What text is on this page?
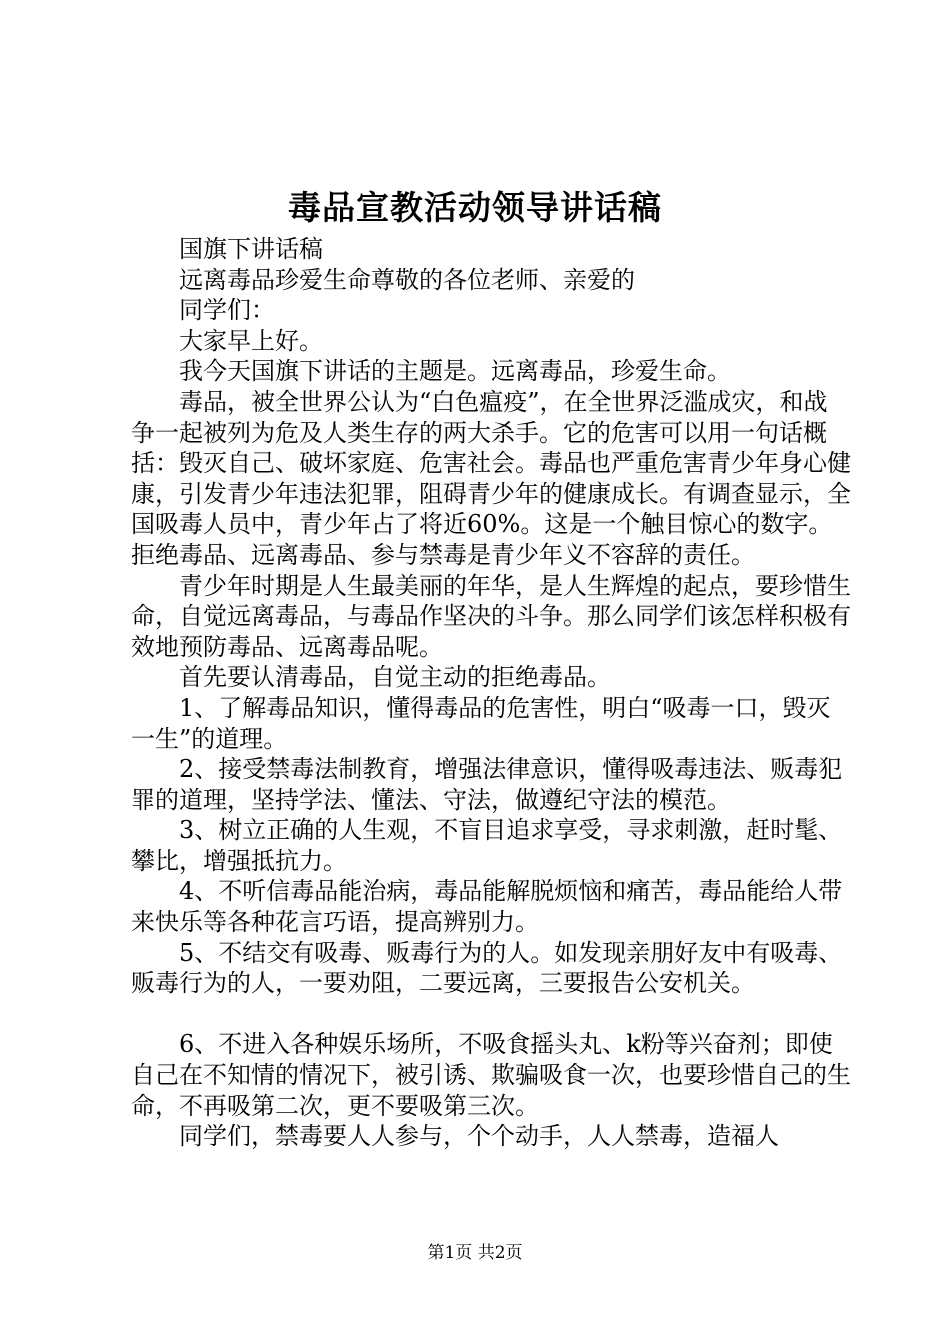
毒品宣教活动领导讲话稿

国旗下讲话稿

远离毒品珍爱生命尊敬的各位老师、亲爱的

同学们：

大家早上好。

我今天国旗下讲话的主题是。远离毒品，珍爱生命。

毒品，被全世界公认为“白色瘟疫”，在全世界泛滥成灾，和战争一起被列为危及人类生存的两大杀手。它的危害可以用一句话概括：毁灭自己、破坏家庭、危害社会。毒品也严重危害青少年身心健康，引发青少年违法犯罪，阻碍青少年的健康成长。有调查显示，全国吸毒人员中，青少年占了将近60%。这是一个触目惊心的数字。拒绝毒品、远离毒品、参与禁毒是青少年义不容辞的责任。

青少年时期是人生最美丽的年华，是人生辉煌的起点，要珍惜生命，自觉远离毒品，与毒品作坚决的斗争。那么同学们该怎样积极有效地预防毒品、远离毒品呢。

首先要认清毒品，自觉主动的拒绝毒品。

1、了解毒品知识，懂得毒品的危害性，明白“吸毒一口，毁灭一生”的道理。

2、接受禁毒法制教育，增强法律意识，懂得吸毒违法、贩毒犯罪的道理，坚持学法、懂法、守法，做遵纪守法的模范。

3、树立正确的人生观，不盲目追求享受，寻求刺激，赶时髦、攀比，增强抵抗力。

4、不听信毒品能治病，毒品能解脱烦恼和痛苦，毒品能给人带来快乐等各种花言巧语，提高辨别力。

5、不结交有吸毒、贩毒行为的人。如发现亲朋好友中有吸毒、贩毒行为的人，一要劝阻，二要远离，三要报告公安机关。

6、不进入各种娱乐场所，不吸食摇头丸、k粉等兴奋剂；即使自己在不知情的情况下，被引诱、欺骗吸食一次，也要珍惜自己的生命，不再吸第二次，更不要吸第三次。

同学们，禁毒要人人参与，个个动手，人人禁毒，造福人

第1页 共2页
